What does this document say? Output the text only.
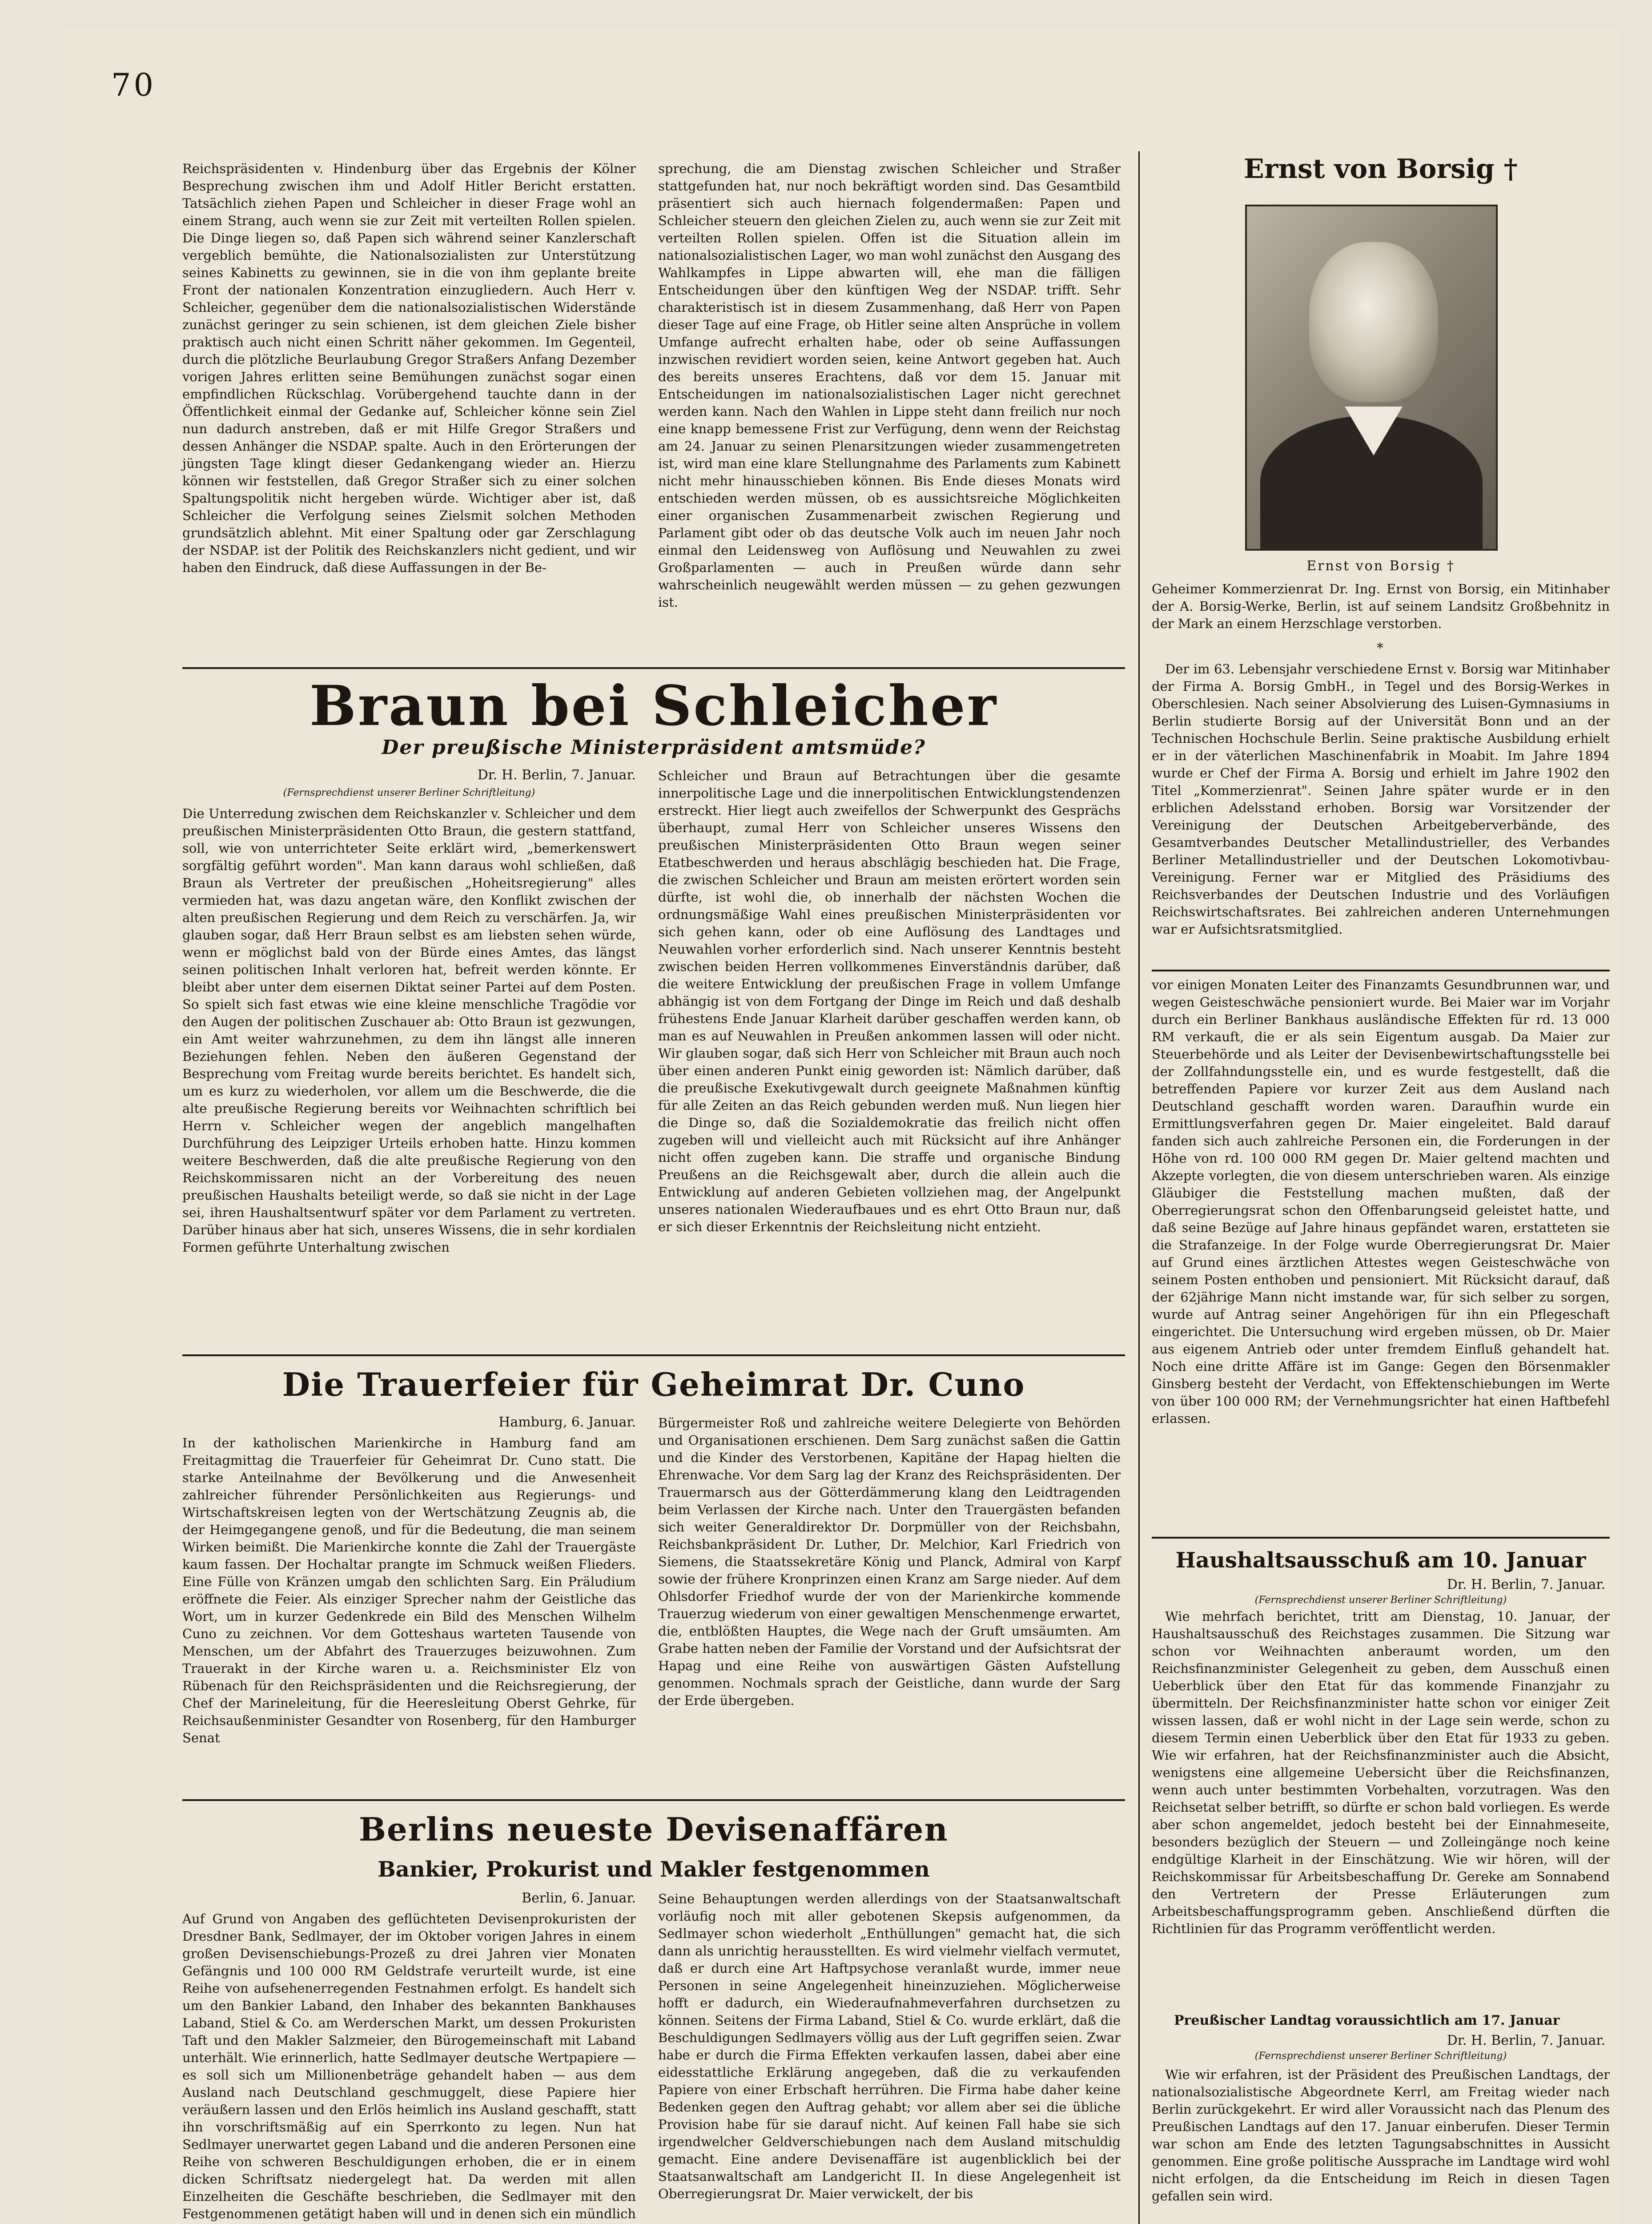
70

Reichspräsidenten v. Hindenburg über das Ergebnis der Kölner Besprechung zwischen ihm und Adolf Hitler Bericht erstatten. Tatsächlich ziehen Papen und Schleicher in dieser Frage wohl an einem Strang, auch wenn sie zur Zeit mit verteilten Rollen spielen. Die Dinge liegen so, daß Papen sich während seiner Kanzlerschaft vergeblich bemühte, die Nationalsozialisten zur Unterstützung seines Kabinetts zu gewinnen, sie in die von ihm geplante breite Front der nationalen Konzentration einzugliedern. Auch Herr v. Schleicher, gegenüber dem die nationalsozialistischen Widerstände zunächst geringer zu sein schienen, ist dem gleichen Ziele bisher praktisch auch nicht einen Schritt näher gekommen. Im Gegenteil, durch die plötzliche Beurlaubung Gregor Straßers Anfang Dezember vorigen Jahres erlitten seine Bemühungen zunächst sogar einen empfindlichen Rückschlag. Vorübergehend tauchte dann in der Öffentlichkeit einmal der Gedanke auf, Schleicher könne sein Ziel nun dadurch anstreben, daß er mit Hilfe Gregor Straßers und dessen Anhänger die NSDAP. spalte. Auch in den Erörterungen der jüngsten Tage klingt dieser Gedankengang wieder an. Hierzu können wir feststellen, daß Gregor Straßer sich zu einer solchen Spaltungspolitik nicht hergeben würde. Wichtiger aber ist, daß Schleicher die Verfolgung seines Zielsmit solchen Methoden grundsätzlich ablehnt. Mit einer Spaltung oder gar Zerschlagung der NSDAP. ist der Politik des Reichskanzlers nicht gedient, und wir haben den Eindruck, daß diese Auffassungen in der Be-

sprechung, die am Dienstag zwischen Schleicher und Straßer stattgefunden hat, nur noch bekräftigt worden sind. Das Gesamtbild präsentiert sich auch hiernach folgendermaßen: Papen und Schleicher steuern den gleichen Zielen zu, auch wenn sie zur Zeit mit verteilten Rollen spielen. Offen ist die Situation allein im nationalsozialistischen Lager, wo man wohl zunächst den Ausgang des Wahlkampfes in Lippe abwarten will, ehe man die fälligen Entscheidungen über den künftigen Weg der NSDAP. trifft. Sehr charakteristisch ist in diesem Zusammenhang, daß Herr von Papen dieser Tage auf eine Frage, ob Hitler seine alten Ansprüche in vollem Umfange aufrecht erhalten habe, oder ob seine Auffassungen inzwischen revidiert worden seien, keine Antwort gegeben hat. Auch des bereits unseres Erachtens, daß vor dem 15. Januar mit Entscheidungen im nationalsozialistischen Lager nicht gerechnet werden kann. Nach den Wahlen in Lippe steht dann freilich nur noch eine knapp bemessene Frist zur Verfügung, denn wenn der Reichstag am 24. Januar zu seinen Plenarsitzungen wieder zusammengetreten ist, wird man eine klare Stellungnahme des Parlaments zum Kabinett nicht mehr hinausschieben können. Bis Ende dieses Monats wird entschieden werden müssen, ob es aussichtsreiche Möglichkeiten einer organischen Zusammenarbeit zwischen Regierung und Parlament gibt oder ob das deutsche Volk auch im neuen Jahr noch einmal den Leidensweg von Auflösung und Neuwahlen zu zwei Großparlamenten — auch in Preußen würde dann sehr wahrscheinlich neugewählt werden müssen — zu gehen gezwungen ist.

Braun bei Schleicher
Der preußische Ministerpräsident amtsmüde?
Dr. H. Berlin, 7. Januar.
(Fernsprechdienst unserer Berliner Schriftleitung)

Die Unterredung zwischen dem Reichskanzler v. Schleicher und dem preußischen Ministerpräsidenten Otto Braun, die gestern stattfand, soll, wie von unterrichteter Seite erklärt wird, „bemerkenswert sorgfältig geführt worden". Man kann daraus wohl schließen, daß Braun als Vertreter der preußischen „Hoheitsregierung" alles vermieden hat, was dazu angetan wäre, den Konflikt zwischen der alten preußischen Regierung und dem Reich zu verschärfen. Ja, wir glauben sogar, daß Herr Braun selbst es am liebsten sehen würde, wenn er möglichst bald von der Bürde eines Amtes, das längst seinen politischen Inhalt verloren hat, befreit werden könnte. Er bleibt aber unter dem eisernen Diktat seiner Partei auf dem Posten. So spielt sich fast etwas wie eine kleine menschliche Tragödie vor den Augen der politischen Zuschauer ab: Otto Braun ist gezwungen, ein Amt weiter wahrzunehmen, zu dem ihn längst alle inneren Beziehungen fehlen. Neben den äußeren Gegenstand der Besprechung vom Freitag wurde bereits berichtet. Es handelt sich, um es kurz zu wiederholen, vor allem um die Beschwerde, die die alte preußische Regierung bereits vor Weihnachten schriftlich bei Herrn v. Schleicher wegen der angeblich mangelhaften Durchführung des Leipziger Urteils erhoben hatte. Hinzu kommen weitere Beschwerden, daß die alte preußische Regierung von den Reichskommissaren nicht an der Vorbereitung des neuen preußischen Haushalts beteiligt werde, so daß sie nicht in der Lage sei, ihren Haushaltsentwurf später vor dem Parlament zu vertreten. Darüber hinaus aber hat sich, unseres Wissens, die in sehr kordialen Formen geführte Unterhaltung zwischen

Schleicher und Braun auf Betrachtungen über die gesamte innerpolitische Lage und die innerpolitischen Entwicklungstendenzen erstreckt. Hier liegt auch zweifellos der Schwerpunkt des Gesprächs überhaupt, zumal Herr von Schleicher unseres Wissens den preußischen Ministerpräsidenten Otto Braun wegen seiner Etatbeschwerden und heraus abschlägig beschieden hat. Die Frage, die zwischen Schleicher und Braun am meisten erörtert worden sein dürfte, ist wohl die, ob innerhalb der nächsten Wochen die ordnungsmäßige Wahl eines preußischen Ministerpräsidenten vor sich gehen kann, oder ob eine Auflösung des Landtages und Neuwahlen vorher erforderlich sind. Nach unserer Kenntnis besteht zwischen beiden Herren vollkommenes Einverständnis darüber, daß die weitere Entwicklung der preußischen Frage in vollem Umfange abhängig ist von dem Fortgang der Dinge im Reich und daß deshalb frühestens Ende Januar Klarheit darüber geschaffen werden kann, ob man es auf Neuwahlen in Preußen ankommen lassen will oder nicht. Wir glauben sogar, daß sich Herr von Schleicher mit Braun auch noch über einen anderen Punkt einig geworden ist: Nämlich darüber, daß die preußische Exekutivgewalt durch geeignete Maßnahmen künftig für alle Zeiten an das Reich gebunden werden muß. Nun liegen hier die Dinge so, daß die Sozialdemokratie das freilich nicht offen zugeben will und vielleicht auch mit Rücksicht auf ihre Anhänger nicht offen zugeben kann. Die straffe und organische Bindung Preußens an die Reichsgewalt aber, durch die allein auch die Entwicklung auf anderen Gebieten vollziehen mag, der Angelpunkt unseres nationalen Wiederaufbaues und es ehrt Otto Braun nur, daß er sich dieser Erkenntnis der Reichsleitung nicht entzieht.

Die Trauerfeier für Geheimrat Dr. Cuno
Hamburg, 6. Januar.

In der katholischen Marienkirche in Hamburg fand am Freitagmittag die Trauerfeier für Geheimrat Dr. Cuno statt. Die starke Anteilnahme der Bevölkerung und die Anwesenheit zahlreicher führender Persönlichkeiten aus Regierungs- und Wirtschaftskreisen legten von der Wertschätzung Zeugnis ab, die der Heimgegangene genoß, und für die Bedeutung, die man seinem Wirken beimißt. Die Marienkirche konnte die Zahl der Trauergäste kaum fassen. Der Hochaltar prangte im Schmuck weißen Flieders. Eine Fülle von Kränzen umgab den schlichten Sarg. Ein Präludium eröffnete die Feier. Als einziger Sprecher nahm der Geistliche das Wort, um in kurzer Gedenkrede ein Bild des Menschen Wilhelm Cuno zu zeichnen. Vor dem Gotteshaus warteten Tausende von Menschen, um der Abfahrt des Trauerzuges beizuwohnen. Zum Trauerakt in der Kirche waren u. a. Reichsminister Elz von Rübenach für den Reichspräsidenten und die Reichsregierung, der Chef der Marineleitung, für die Heeresleitung Oberst Gehrke, für Reichsaußenminister Gesandter von Rosenberg, für den Hamburger Senat

Bürgermeister Roß und zahlreiche weitere Delegierte von Behörden und Organisationen erschienen. Dem Sarg zunächst saßen die Gattin und die Kinder des Verstorbenen, Kapitäne der Hapag hielten die Ehrenwache. Vor dem Sarg lag der Kranz des Reichspräsidenten. Der Trauermarsch aus der Götterdämmerung klang den Leidtragenden beim Verlassen der Kirche nach. Unter den Trauergästen befanden sich weiter Generaldirektor Dr. Dorpmüller von der Reichsbahn, Reichsbankpräsident Dr. Luther, Dr. Melchior, Karl Friedrich von Siemens, die Staatssekretäre König und Planck, Admiral von Karpf sowie der frühere Kronprinzen einen Kranz am Sarge nieder. Auf dem Ohlsdorfer Friedhof wurde der von der Marienkirche kommende Trauerzug wiederum von einer gewaltigen Menschenmenge erwartet, die, entblößten Hauptes, die Wege nach der Gruft umsäumten. Am Grabe hatten neben der Familie der Vorstand und der Aufsichtsrat der Hapag und eine Reihe von auswärtigen Gästen Aufstellung genommen. Nochmals sprach der Geistliche, dann wurde der Sarg der Erde übergeben.

Berlins neueste Devisenaffären
Bankier, Prokurist und Makler festgenommen
Berlin, 6. Januar.

Auf Grund von Angaben des geflüchteten Devisenprokuristen der Dresdner Bank, Sedlmayer, der im Oktober vorigen Jahres in einem großen Devisenschiebungs-Prozeß zu drei Jahren vier Monaten Gefängnis und 100 000 RM Geldstrafe verurteilt wurde, ist eine Reihe von aufsehenerregenden Festnahmen erfolgt. Es handelt sich um den Bankier Laband, den Inhaber des bekannten Bankhauses Laband, Stiel & Co. am Werderschen Markt, um dessen Prokuristen Taft und den Makler Salzmeier, den Bürogemeinschaft mit Laband unterhält. Wie erinnerlich, hatte Sedlmayer deutsche Wertpapiere — es soll sich um Millionenbeträge gehandelt haben — aus dem Ausland nach Deutschland geschmuggelt, diese Papiere hier veräußern lassen und den Erlös heimlich ins Ausland geschafft, statt ihn vorschriftsmäßig auf ein Sperrkonto zu legen. Nun hat Sedlmayer unerwartet gegen Laband und die anderen Personen eine Reihe von schweren Beschuldigungen erhoben, die er in einem dicken Schriftsatz niedergelegt hat. Da werden mit allen Einzelheiten die Geschäfte beschrieben, die Sedlmayer mit den Festgenommenen getätigt haben will und in denen sich ein mündlich

Seine Behauptungen werden allerdings von der Staatsanwaltschaft vorläufig noch mit aller gebotenen Skepsis aufgenommen, da Sedlmayer schon wiederholt „Enthüllungen" gemacht hat, die sich dann als unrichtig herausstellten. Es wird vielmehr vielfach vermutet, daß er durch eine Art Haftpsychose veranlaßt wurde, immer neue Personen in seine Angelegenheit hineinzuziehen. Möglicherweise hofft er dadurch, ein Wiederaufnahmeverfahren durchsetzen zu können. Seitens der Firma Laband, Stiel & Co. wurde erklärt, daß die Beschuldigungen Sedlmayers völlig aus der Luft gegriffen seien. Zwar habe er durch die Firma Effekten verkaufen lassen, dabei aber eine eidesstattliche Erklärung angegeben, daß die zu verkaufenden Papiere von einer Erbschaft herrühren. Die Firma habe daher keine Bedenken gegen den Auftrag gehabt; vor allem aber sei die übliche Provision habe für sie darauf nicht. Auf keinen Fall habe sie sich irgendwelcher Geldverschiebungen nach dem Ausland mitschuldig gemacht. Eine andere Devisenaffäre ist augenblicklich bei der Staatsanwaltschaft am Landgericht II. In diese Angelegenheit ist Oberregierungsrat Dr. Maier verwickelt, der bis

Ernst von Borsig †
Ernst von Borsig †

Geheimer Kommerzienrat Dr. Ing. Ernst von Borsig, ein Mitinhaber der A. Borsig-Werke, Berlin, ist auf seinem Landsitz Großbehnitz in der Mark an einem Herzschlage verstorben.

*

Der im 63. Lebensjahr verschiedene Ernst v. Borsig war Mitinhaber der Firma A. Borsig GmbH., in Tegel und des Borsig-Werkes in Oberschlesien. Nach seiner Absolvierung des Luisen-Gymnasiums in Berlin studierte Borsig auf der Universität Bonn und an der Technischen Hochschule Berlin. Seine praktische Ausbildung erhielt er in der väterlichen Maschinenfabrik in Moabit. Im Jahre 1894 wurde er Chef der Firma A. Borsig und erhielt im Jahre 1902 den Titel „Kommerzienrat". Seinen Jahre später wurde er in den erblichen Adelsstand erhoben. Borsig war Vorsitzender der Vereinigung der Deutschen Arbeitgeberverbände, des Gesamtverbandes Deutscher Metallindustrieller, des Verbandes Berliner Metallindustrieller und der Deutschen Lokomotivbau-Vereinigung. Ferner war er Mitglied des Präsidiums des Reichsverbandes der Deutschen Industrie und des Vorläufigen Reichswirtschaftsrates. Bei zahlreichen anderen Unternehmungen war er Aufsichtsratsmitglied.

vor einigen Monaten Leiter des Finanzamts Gesundbrunnen war, und wegen Geisteschwäche pensioniert wurde. Bei Maier war im Vorjahr durch ein Berliner Bankhaus ausländische Effekten für rd. 13 000 RM verkauft, die er als sein Eigentum ausgab. Da Maier zur Steuerbehörde und als Leiter der Devisenbewirtschaftungsstelle bei der Zollfahndungsstelle ein, und es wurde festgestellt, daß die betreffenden Papiere vor kurzer Zeit aus dem Ausland nach Deutschland geschafft worden waren. Daraufhin wurde ein Ermittlungsverfahren gegen Dr. Maier eingeleitet. Bald darauf fanden sich auch zahlreiche Personen ein, die Forderungen in der Höhe von rd. 100 000 RM gegen Dr. Maier geltend machten und Akzepte vorlegten, die von diesem unterschrieben waren. Als einzige Gläubiger die Feststellung machen mußten, daß der Oberregierungsrat schon den Offenbarungseid geleistet hatte, und daß seine Bezüge auf Jahre hinaus gepfändet waren, erstatteten sie die Strafanzeige. In der Folge wurde Oberregierungsrat Dr. Maier auf Grund eines ärztlichen Attestes wegen Geisteschwäche von seinem Posten enthoben und pensioniert. Mit Rücksicht darauf, daß der 62jährige Mann nicht imstande war, für sich selber zu sorgen, wurde auf Antrag seiner Angehörigen für ihn ein Pflegeschaft eingerichtet. Die Untersuchung wird ergeben müssen, ob Dr. Maier aus eigenem Antrieb oder unter fremdem Einfluß gehandelt hat. Noch eine dritte Affäre ist im Gange: Gegen den Börsenmakler Ginsberg besteht der Verdacht, von Effektenschiebungen im Werte von über 100 000 RM; der Vernehmungsrichter hat einen Haftbefehl erlassen.

Haushaltsausschuß am 10. Januar
Dr. H. Berlin, 7. Januar.
(Fernsprechdienst unserer Berliner Schriftleitung)

Wie mehrfach berichtet, tritt am Dienstag, 10. Januar, der Haushaltsausschuß des Reichstages zusammen. Die Sitzung war schon vor Weihnachten anberaumt worden, um den Reichsfinanzminister Gelegenheit zu geben, dem Ausschuß einen Ueberblick über den Etat für das kommende Finanzjahr zu übermitteln. Der Reichsfinanzminister hatte schon vor einiger Zeit wissen lassen, daß er wohl nicht in der Lage sein werde, schon zu diesem Termin einen Ueberblick über den Etat für 1933 zu geben. Wie wir erfahren, hat der Reichsfinanzminister auch die Absicht, wenigstens eine allgemeine Uebersicht über die Reichsfinanzen, wenn auch unter bestimmten Vorbehalten, vorzutragen. Was den Reichsetat selber betrifft, so dürfte er schon bald vorliegen. Es werde aber schon angemeldet, jedoch besteht bei der Einnahmeseite, besonders bezüglich der Steuern — und Zolleingänge noch keine endgültige Klarheit in der Einschätzung. Wie wir hören, will der Reichskommissar für Arbeitsbeschaffung Dr. Gereke am Sonnabend den Vertretern der Presse Erläuterungen zum Arbeitsbeschaffungsprogramm geben. Anschließend dürften die Richtlinien für das Programm veröffentlicht werden.

Preußischer Landtag voraussichtlich am 17. Januar
Dr. H. Berlin, 7. Januar.
(Fernsprechdienst unserer Berliner Schriftleitung)

Wie wir erfahren, ist der Präsident des Preußischen Landtags, der nationalsozialistische Abgeordnete Kerrl, am Freitag wieder nach Berlin zurückgekehrt. Er wird aller Voraussicht nach das Plenum des Preußischen Landtags auf den 17. Januar einberufen. Dieser Termin war schon am Ende des letzten Tagungsabschnittes in Aussicht genommen. Eine große politische Aussprache im Landtage wird wohl nicht erfolgen, da die Entscheidung im Reich in diesen Tagen gefallen sein wird.
